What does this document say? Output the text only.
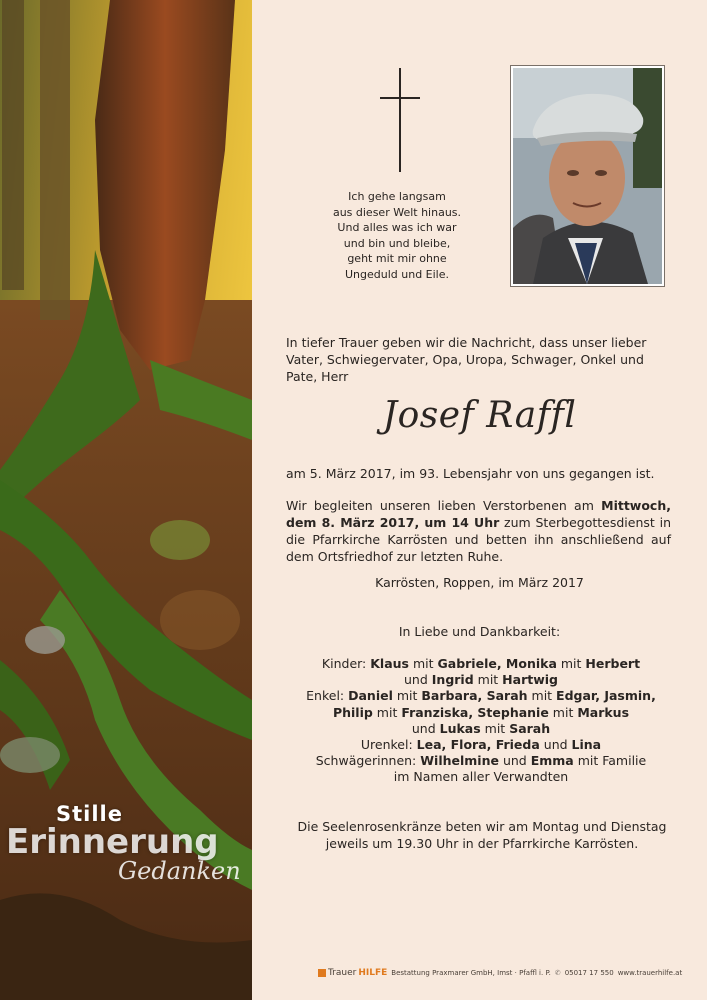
Stille
Erinnerung
Gedanken
Ich gehe langsam
aus dieser Welt hinaus.
Und alles was ich war
und bin und bleibe,
geht mit mir ohne
Ungeduld und Eile.
In tiefer Trauer geben wir die Nachricht, dass unser lieber Vater, Schwiegervater, Opa, Uropa, Schwager, Onkel und Pate, Herr
Josef Raffl
am 5. März 2017, im 93. Lebensjahr von uns gegangen ist.
Wir begleiten unseren lieben Verstorbenen am Mittwoch, dem 8. März 2017, um 14 Uhr zum Sterbegottesdienst in die Pfarrkirche Karrösten und betten ihn anschließend auf dem Ortsfriedhof zur letzten Ruhe.
Karrösten, Roppen, im März 2017
In Liebe und Dankbarkeit:
Kinder: Klaus mit Gabriele, Monika mit Herbert
und Ingrid mit Hartwig
Enkel: Daniel mit Barbara, Sarah mit Edgar, Jasmin,
Philip mit Franziska, Stephanie mit Markus
und Lukas mit Sarah
Urenkel: Lea, Flora, Frieda und Lina
Schwägerinnen: Wilhelmine und Emma mit Familie
im Namen aller Verwandten
Die Seelenrosenkränze beten wir am Montag und Dienstag jeweils um 19.30 Uhr in der Pfarrkirche Karrösten.
Trauer HILFE Bestattung Praxmarer GmbH, Imst · Pfaffl i. P. ✆ 05017 17 550 www.trauerhilfe.at
